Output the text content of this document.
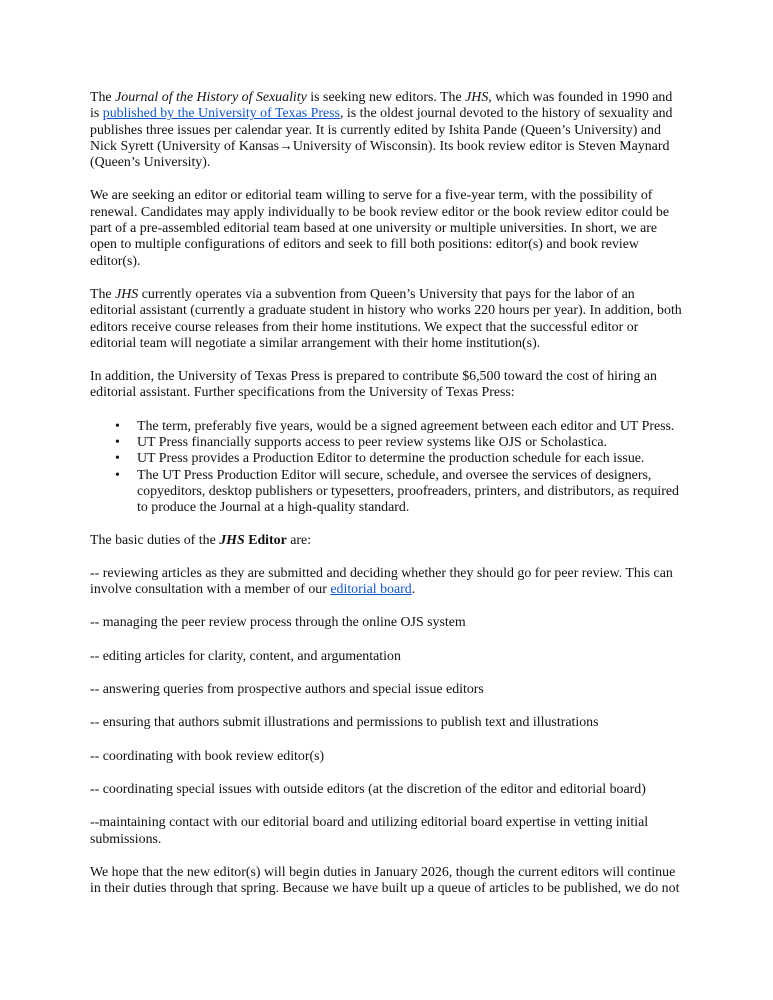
The Journal of the History of Sexuality is seeking new editors. The JHS, which was founded in 1990 and is published by the University of Texas Press, is the oldest journal devoted to the history of sexuality and publishes three issues per calendar year. It is currently edited by Ishita Pande (Queen’s University) and Nick Syrett (University of Kansas→University of Wisconsin). Its book review editor is Steven Maynard (Queen’s University).

We are seeking an editor or editorial team willing to serve for a five-year term, with the possibility of renewal. Candidates may apply individually to be book review editor or the book review editor could be part of a pre-assembled editorial team based at one university or multiple universities. In short, we are open to multiple configurations of editors and seek to fill both positions: editor(s) and book review editor(s).

The JHS currently operates via a subvention from Queen’s University that pays for the labor of an editorial assistant (currently a graduate student in history who works 220 hours per year). In addition, both editors receive course releases from their home institutions. We expect that the successful editor or editorial team will negotiate a similar arrangement with their home institution(s).

In addition, the University of Texas Press is prepared to contribute $6,500 toward the cost of hiring an editorial assistant. Further specifications from the University of Texas Press:

• The term, preferably five years, would be a signed agreement between each editor and UT Press.
• UT Press financially supports access to peer review systems like OJS or Scholastica.
• UT Press provides a Production Editor to determine the production schedule for each issue.
• The UT Press Production Editor will secure, schedule, and oversee the services of designers, copyeditors, desktop publishers or typesetters, proofreaders, printers, and distributors, as required to produce the Journal at a high-quality standard.

The basic duties of the JHS Editor are:

-- reviewing articles as they are submitted and deciding whether they should go for peer review. This can involve consultation with a member of our editorial board.

-- managing the peer review process through the online OJS system

-- editing articles for clarity, content, and argumentation

-- answering queries from prospective authors and special issue editors

-- ensuring that authors submit illustrations and permissions to publish text and illustrations

-- coordinating with book review editor(s)

-- coordinating special issues with outside editors (at the discretion of the editor and editorial board)

--maintaining contact with our editorial board and utilizing editorial board expertise in vetting initial submissions.

We hope that the new editor(s) will begin duties in January 2026, though the current editors will continue in their duties through that spring. Because we have built up a queue of articles to be published, we do not
